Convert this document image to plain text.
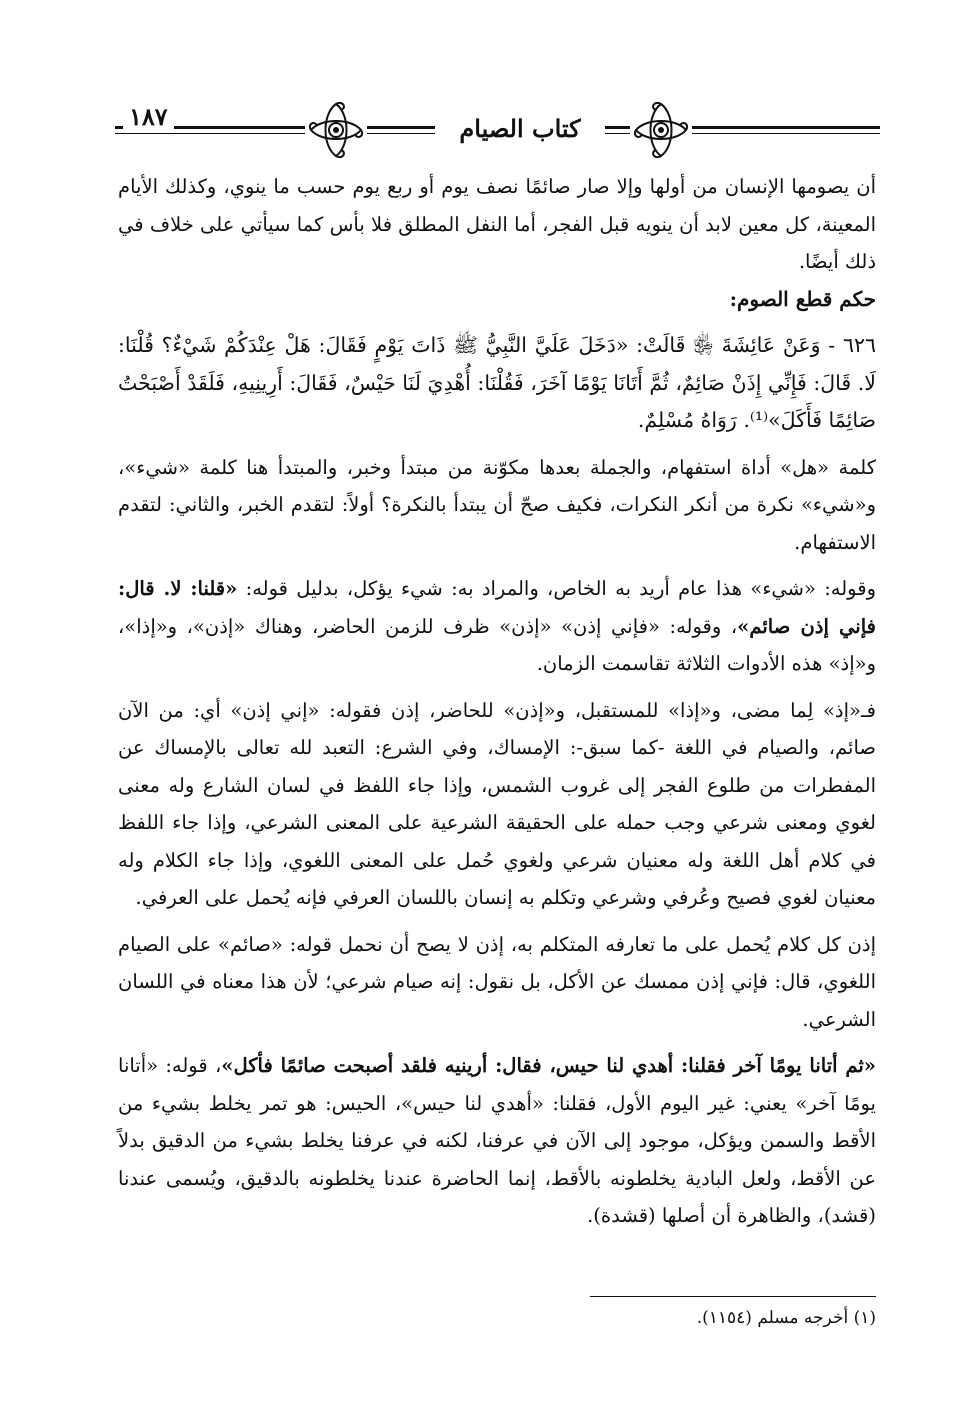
١٨٧	كتاب الصيام

أن يصومها الإنسان من أولها وإلا صار صائمًا نصف يوم أو ربع يوم حسب ما ينوي، وكذلك الأيام المعينة، كل معين لابد أن ينويه قبل الفجر، أما النفل المطلق فلا بأس كما سيأتي على خلاف في ذلك أيضًا.

حكم قطع الصوم:

٦٢٦ - وَعَنْ عَائِشَةَ ﵂ قَالَتْ: «دَخَلَ عَلَيَّ النَّبِيُّ ﷺ ذَاتَ يَوْمٍ فَقَالَ: هَلْ عِنْدَكُمْ شَيْءٌ؟ قُلْنَا: لَا. قَالَ: فَإِنِّي إِذَنْ صَائِمٌ، ثُمَّ أَتَانَا يَوْمًا آخَرَ، فَقُلْنَا: أُهْدِيَ لَنَا حَيْسٌ، فَقَالَ: أَرِينِيهِ، فَلَقَدْ أَصْبَحْتُ صَائِمًا فَأَكَلَ»⁽¹⁾. رَوَاهُ مُسْلِمٌ.

كلمة «هل» أداة استفهام، والجملة بعدها مكوّنة من مبتدأ وخبر، والمبتدأ هنا كلمة «شيء»، و«شيء» نكرة من أنكر النكرات، فكيف صحّ أن يبتدأ بالنكرة؟ أولاً: لتقدم الخبر، والثاني: لتقدم الاستفهام.

وقوله: «شيء» هذا عام أريد به الخاص، والمراد به: شيء يؤكل، بدليل قوله: «قلنا: لا. قال: فإني إذن صائم»، وقوله: «فإني إذن» «إذن» ظرف للزمن الحاضر، وهناك «إذن»، و«إذا»، و«إذ» هذه الأدوات الثلاثة تقاسمت الزمان.

فـ«إذ» لِما مضى، و«إذا» للمستقبل، و«إذن» للحاضر، إذن فقوله: «إني إذن» أي: من الآن صائم، والصيام في اللغة -كما سبق-: الإمساك، وفي الشرع: التعبد لله تعالى بالإمساك عن المفطرات من طلوع الفجر إلى غروب الشمس، وإذا جاء اللفظ في لسان الشارع وله معنى لغوي ومعنى شرعي وجب حمله على الحقيقة الشرعية على المعنى الشرعي، وإذا جاء اللفظ في كلام أهل اللغة وله معنيان شرعي ولغوي حُمل على المعنى اللغوي، وإذا جاء الكلام وله معنيان لغوي فصيح وعُرفي وشرعي وتكلم به إنسان باللسان العرفي فإنه يُحمل على العرفي.

إذن كل كلام يُحمل على ما تعارفه المتكلم به، إذن لا يصح أن نحمل قوله: «صائم» على الصيام اللغوي، قال: فإني إذن ممسك عن الأكل، بل نقول: إنه صيام شرعي؛ لأن هذا معناه في اللسان الشرعي.

«ثم أتانا يومًا آخر فقلنا: أهدي لنا حيس، فقال: أرينيه فلقد أصبحت صائمًا فأكل»، قوله: «أتانا يومًا آخر» يعني: غير اليوم الأول، فقلنا: «أهدي لنا حيس»، الحيس: هو تمر يخلط بشيء من الأقط والسمن ويؤكل، موجود إلى الآن في عرفنا، لكنه في عرفنا يخلط بشيء من الدقيق بدلاً عن الأقط، ولعل البادية يخلطونه بالأقط، إنما الحاضرة عندنا يخلطونه بالدقيق، ويُسمى عندنا (قشد)، والظاهرة أن أصلها (قشدة).

(١) أخرجه مسلم (١١٥٤).
